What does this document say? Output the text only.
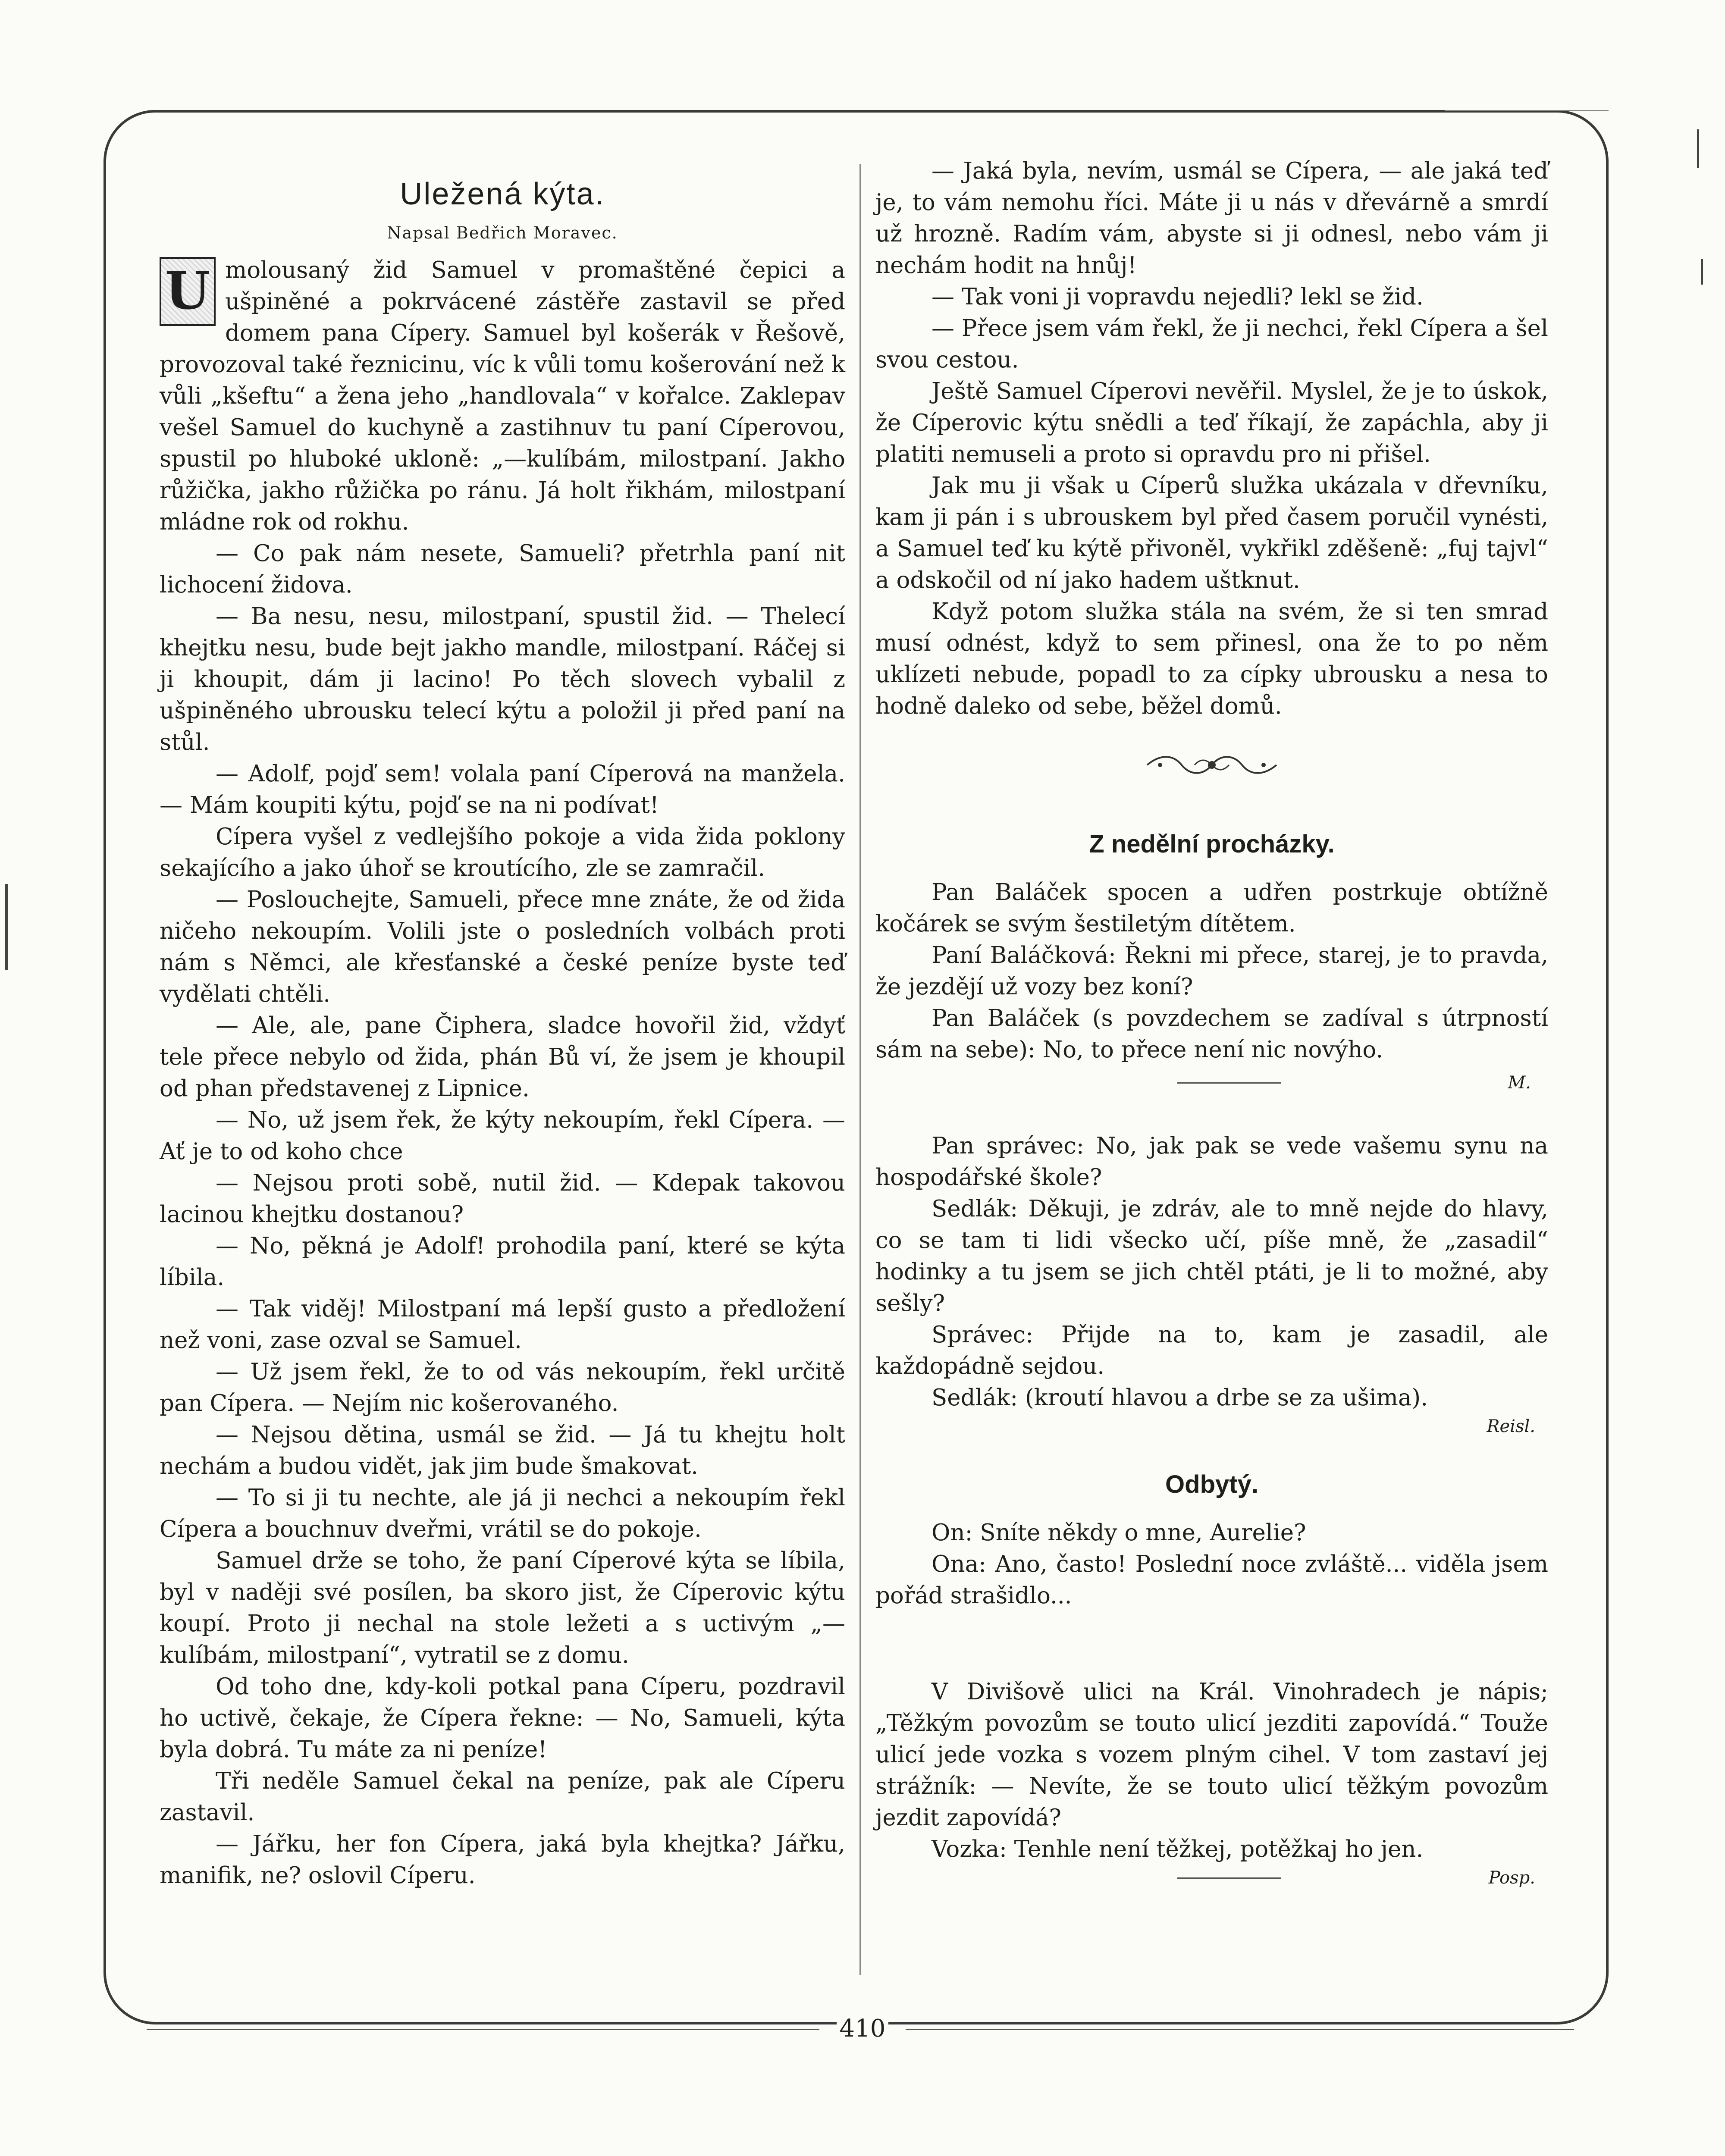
Uležená kýta.
Napsal Bedřich Moravec.

U molousaný žid Samuel v promaštěné čepici a ušpiněné a pokrvácené zástěře zastavil se před domem pana Cípery. Samuel byl košerák v Řešově, provozoval také řeznicinu, víc k vůli tomu košerování než k vůli „kšeftu“ a žena jeho „handlovala“ v kořalce. Zaklepav vešel Samuel do kuchyně a zastihnuv tu paní Cíperovou, spustil po hluboké ukloně: „—kulíbám, milostpaní. Jakho růžička, jakho růžička po ránu. Já holt řikhám, milostpaní mládne rok od rokhu.

— Co pak nám nesete, Samueli? přetrhla paní nit lichocení židova.

— Ba nesu, nesu, milostpaní, spustil žid. — Thelecí khejtku nesu, bude bejt jakho mandle, milostpaní. Ráčej si ji khoupit, dám ji lacino! Po těch slovech vybalil z ušpiněného ubrousku telecí kýtu a položil ji před paní na stůl.

— Adolf, pojď sem! volala paní Cíperová na manžela. — Mám koupiti kýtu, pojď se na ni podívat!

Cípera vyšel z vedlejšího pokoje a vida žida poklony sekajícího a jako úhoř se kroutícího, zle se zamračil.

— Poslouchejte, Samueli, přece mne znáte, že od žida ničeho nekoupím. Volili jste o posledních volbách proti nám s Němci, ale křesťanské a české peníze byste teď vydělati chtěli.

— Ale, ale, pane Čiphera, sladce hovořil žid, vždyť tele přece nebylo od žida, phán Bů ví, že jsem je khoupil od phan představenej z Lipnice.

— No, už jsem řek, že kýty nekoupím, řekl Cípera. — Ať je to od koho chce

— Nejsou proti sobě, nutil žid. — Kdepak takovou lacinou khejtku dostanou?

— No, pěkná je Adolf! prohodila paní, které se kýta líbila.

— Tak viděj! Milostpaní má lepší gusto a předložení než voni, zase ozval se Samuel.

— Už jsem řekl, že to od vás nekoupím, řekl určitě pan Cípera. — Nejím nic košerovaného.

— Nejsou dětina, usmál se žid. — Já tu khejtu holt nechám a budou vidět, jak jim bude šmakovat.

— To si ji tu nechte, ale já ji nechci a nekoupím řekl Cípera a bouchnuv dveřmi, vrátil se do pokoje.

Samuel drže se toho, že paní Cíperové kýta se líbila, byl v naději své posílen, ba skoro jist, že Cíperovic kýtu koupí. Proto ji nechal na stole ležeti a s uctivým „—kulíbám, milostpaní“, vytratil se z domu.

Od toho dne, kdy-koli potkal pana Cíperu, pozdravil ho uctivě, čekaje, že Cípera řekne: — No, Samueli, kýta byla dobrá. Tu máte za ni peníze!

Tři neděle Samuel čekal na peníze, pak ale Cíperu zastavil.

— Jářku, her fon Cípera, jaká byla khejtka? Jářku, manifik, ne? oslovil Cíperu.

— Jaká byla, nevím, usmál se Cípera, — ale jaká teď je, to vám nemohu říci. Máte ji u nás v dřevárně a smrdí už hrozně. Radím vám, abyste si ji odnesl, nebo vám ji nechám hodit na hnůj!

— Tak voni ji vopravdu nejedli? lekl se žid.

— Přece jsem vám řekl, že ji nechci, řekl Cípera a šel svou cestou.

Ještě Samuel Cíperovi nevěřil. Myslel, že je to úskok, že Cíperovic kýtu snědli a teď říkají, že zapáchla, aby ji platiti nemuseli a proto si opravdu pro ni přišel.

Jak mu ji však u Cíperů služka ukázala v dřevníku, kam ji pán i s ubrouskem byl před časem poručil vynésti, a Samuel teď ku kýtě přivoněl, vykřikl zděšeně: „fuj tajvl“ a odskočil od ní jako hadem uštknut.

Když potom služka stála na svém, že si ten smrad musí odnést, když to sem přinesl, ona že to po něm uklízeti nebude, popadl to za cípky ubrousku a nesa to hodně daleko od sebe, běžel domů.

Z nedělní procházky.

Pan Baláček spocen a udřen postrkuje obtížně kočárek se svým šestiletým dítětem.

Paní Baláčková: Řekni mi přece, starej, je to pravda, že jezdějí už vozy bez koní?

Pan Baláček (s povzdechem se zadíval s útrpností sám na sebe): No, to přece není nic novýho.

M.

Pan správec: No, jak pak se vede vašemu synu na hospodářské škole?

Sedlák: Děkuji, je zdráv, ale to mně nejde do hlavy, co se tam ti lidi všecko učí, píše mně, že „zasadil“ hodinky a tu jsem se jich chtěl ptáti, je li to možné, aby sešly?

Správec: Přijde na to, kam je zasadil, ale každopádně sejdou.

Sedlák: (kroutí hlavou a drbe se za ušima).

Reisl.

Odbytý.

On: Sníte někdy o mne, Aurelie?

Ona: Ano, často! Poslední noce zvláště... viděla jsem pořád strašidlo...

V Divišově ulici na Král. Vinohradech je nápis; „Těžkým povozům se touto ulicí jezditi zapovídá.“ Touže ulicí jede vozka s vozem plným cihel. V tom zastaví jej strážník: — Nevíte, že se touto ulicí těžkým povozům jezdit zapovídá?

Vozka: Tenhle není těžkej, potěžkaj ho jen.

Posp.

410
